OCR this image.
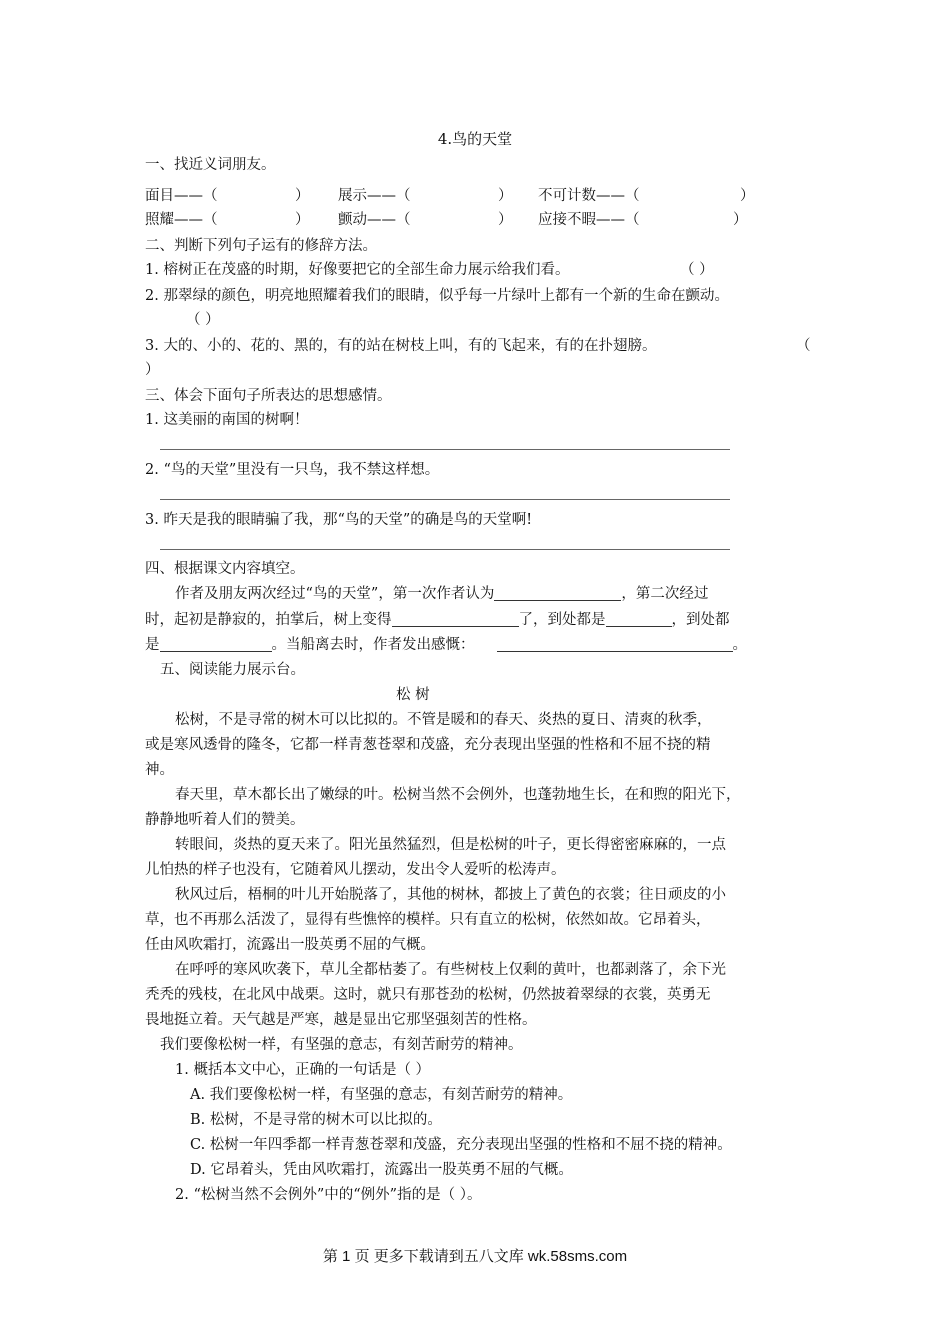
4.鸟的天堂
一、找近义词朋友。
面目——（	） 展示——（	） 不可计数——（	）
照耀——（	） 颤动——（	） 应接不暇——（	）
二、判断下列句子运有的修辞方法。
1. 榕树正在茂盛的时期，好像要把它的全部生命力展示给我们看。	（ ）
2. 那翠绿的颜色，明亮地照耀着我们的眼睛，似乎每一片绿叶上都有一个新的生命在颤动。
（ ）
3. 大的、小的、花的、黑的，有的站在树枝上叫，有的飞起来，有的在扑翅膀。	（
）
三、体会下面句子所表达的思想感情。
1. 这美丽的南国的树啊！
2. “鸟的天堂”里没有一只鸟，我不禁这样想。
3. 昨天是我的眼睛骗了我，那“鸟的天堂”的确是鸟的天堂啊!
四、根据课文内容填空。
作者及朋友两次经过“鸟的天堂”，第一次作者认为	，第二次经过
时，起初是静寂的，拍掌后，树上变得	了，到处都是	，到处都
是	。当船离去时，作者发出感慨：	。
五、阅读能力展示台。
松 树
松树，不是寻常的树木可以比拟的。不管是暖和的春天、炎热的夏日、清爽的秋季，
或是寒风透骨的隆冬，它都一样青葱苍翠和茂盛，充分表现出坚强的性格和不屈不挠的精
神。
春天里，草木都长出了嫩绿的叶。松树当然不会例外，也蓬勃地生长，在和煦的阳光下，
静静地听着人们的赞美。
转眼间，炎热的夏天来了。阳光虽然猛烈，但是松树的叶子，更长得密密麻麻的，一点
儿怕热的样子也没有，它随着风儿摆动，发出令人爱听的松涛声。
秋风过后，梧桐的叶儿开始脱落了，其他的树林，都披上了黄色的衣裳；往日顽皮的小
草，也不再那么活泼了，显得有些憔悴的模样。只有直立的松树，依然如故。它昂着头，
任由风吹霜打，流露出一股英勇不屈的气概。
在呼呼的寒风吹袭下，草儿全都枯萎了。有些树枝上仅剩的黄叶，也都剥落了，余下光
秃秃的残枝，在北风中战栗。这时，就只有那苍劲的松树，仍然披着翠绿的衣裳，英勇无
畏地挺立着。天气越是严寒，越是显出它那坚强刻苦的性格。
我们要像松树一样，有坚强的意志，有刻苦耐劳的精神。
1. 概括本文中心，正确的一句话是（ ）
A. 我们要像松树一样，有坚强的意志，有刻苦耐劳的精神。
B. 松树，不是寻常的树木可以比拟的。
C. 松树一年四季都一样青葱苍翠和茂盛，充分表现出坚强的性格和不屈不挠的精神。
D. 它昂着头，凭由风吹霜打，流露出一股英勇不屈的气概。
2. “松树当然不会例外”中的“例外”指的是（ ）。
第 1 页 更多下载请到五八文库 wk.58sms.com
